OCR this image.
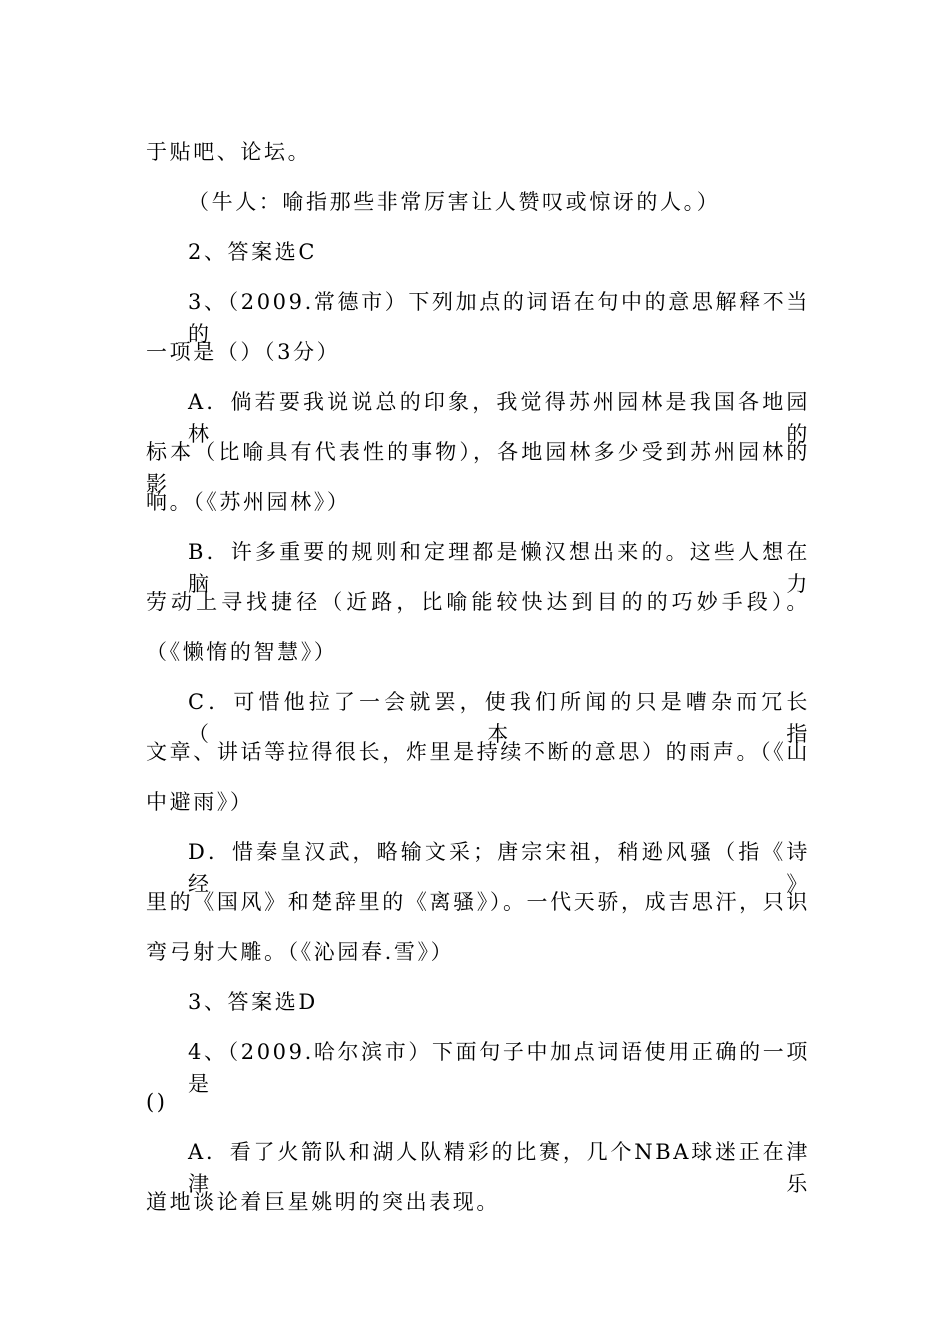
于贴吧、论坛。
（牛人：喻指那些非常厉害让人赞叹或惊讶的人。）
2、答案选C
3、（2009.常德市）下列加点的词语在句中的意思解释不当的
一项是（）（3分）
A．倘若要我说说总的印象，我觉得苏州园林是我国各地园林的
标本（比喻具有代表性的事物），各地园林多少受到苏州园林的影
响。（《苏州园林》）
B．许多重要的规则和定理都是懒汉想出来的。这些人想在脑力
劳动上寻找捷径（近路，比喻能较快达到目的的巧妙手段）。
（《懒惰的智慧》）
C．可惜他拉了一会就罢，使我们所闻的只是嘈杂而冗长（本指
文章、讲话等拉得很长，炸里是持续不断的意思）的雨声。（《山
中避雨》）
D．惜秦皇汉武，略输文采；唐宗宋祖，稍逊风骚（指《诗经》
里的《国风》和楚辞里的《离骚》）。一代天骄，成吉思汗，只识
弯弓射大雕。（《沁园春.雪》）
3、答案选D
4、（2009.哈尔滨市）下面句子中加点词语使用正确的一项是
()
A．看了火箭队和湖人队精彩的比赛，几个NBA球迷正在津津乐
道地谈论着巨星姚明的突出表现。
